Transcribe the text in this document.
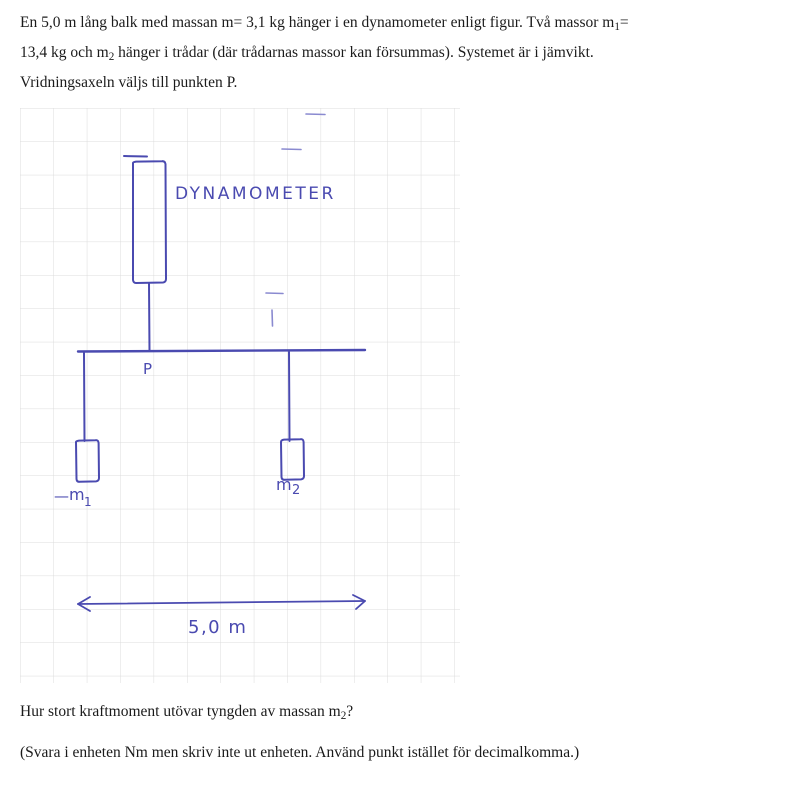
En 5,0 m lång balk med massan m= 3,1 kg hänger i en dynamometer enligt figur. Två massor $m_1=$

13,4 kg och $m_2$ hänger i trådar (där trådarnas massor kan försummas). Systemet är i jämvikt.

Vridningsaxeln väljs till punkten P.

P
— m 1
m 2
5,0 m
DYNAMOMETER
Hur stort kraftmoment utövar tyngden av massan $m_2$?
(Svara i enheten Nm men skriv inte ut enheten. Använd punkt istället för decimalkomma.)
